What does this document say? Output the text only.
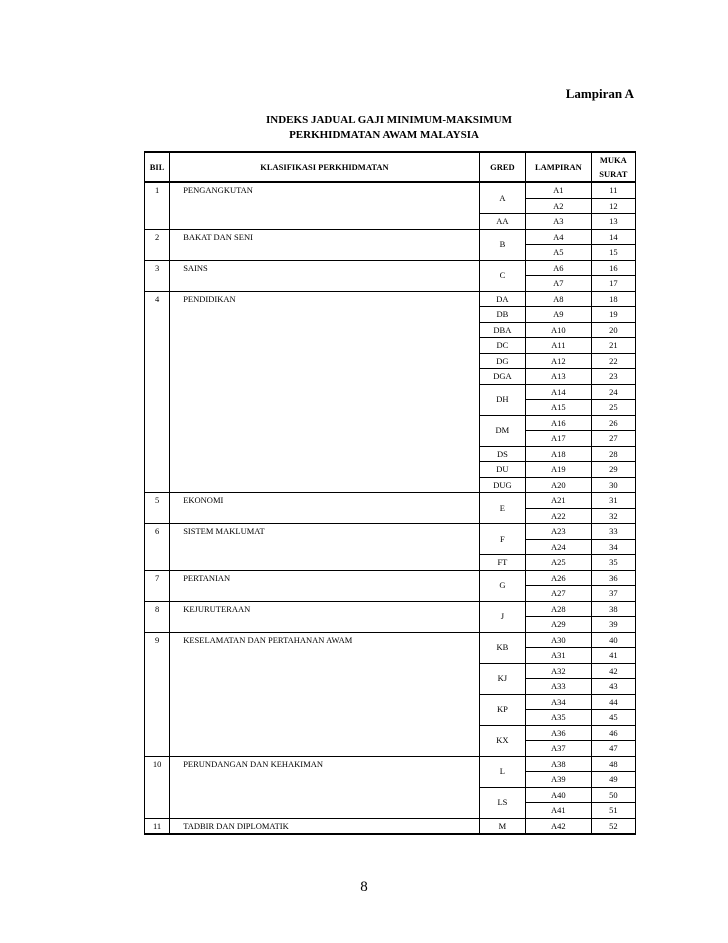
Lampiran A
INDEKS JADUAL GAJI MINIMUM-MAKSIMUM
PERKHIDMATAN AWAM MALAYSIA
BIL	KLASIFIKASI PERKHIDMATAN	GRED	LAMPIRAN	MUKA
SURAT

1	PENGANGKUTAN	A	A1	11
			A2	12
		AA	A3	13
2	BAKAT DAN SENI	B	A4	14
			A5	15
3	SAINS	C	A6	16
			A7	17
4	PENDIDIKAN	DA	A8	18
		DB	A9	19
		DBA	A10	20
		DC	A11	21
		DG	A12	22
		DGA	A13	23
		DH	A14	24
			A15	25
		DM	A16	26
			A17	27
		DS	A18	28
		DU	A19	29
		DUG	A20	30
5	EKONOMI	E	A21	31
			A22	32
6	SISTEM MAKLUMAT	F	A23	33
			A24	34
		FT	A25	35
7	PERTANIAN	G	A26	36
			A27	37
8	KEJURUTERAAN	J	A28	38
			A29	39
9	KESELAMATAN DAN PERTAHANAN AWAM	KB	A30	40
			A31	41
		KJ	A32	42
			A33	43
		KP	A34	44
			A35	45
		KX	A36	46
			A37	47
10	PERUNDANGAN DAN KEHAKIMAN	L	A38	48
			A39	49
		LS	A40	50
			A41	51
11	TADBIR DAN DIPLOMATIK	M	A42	52
8
